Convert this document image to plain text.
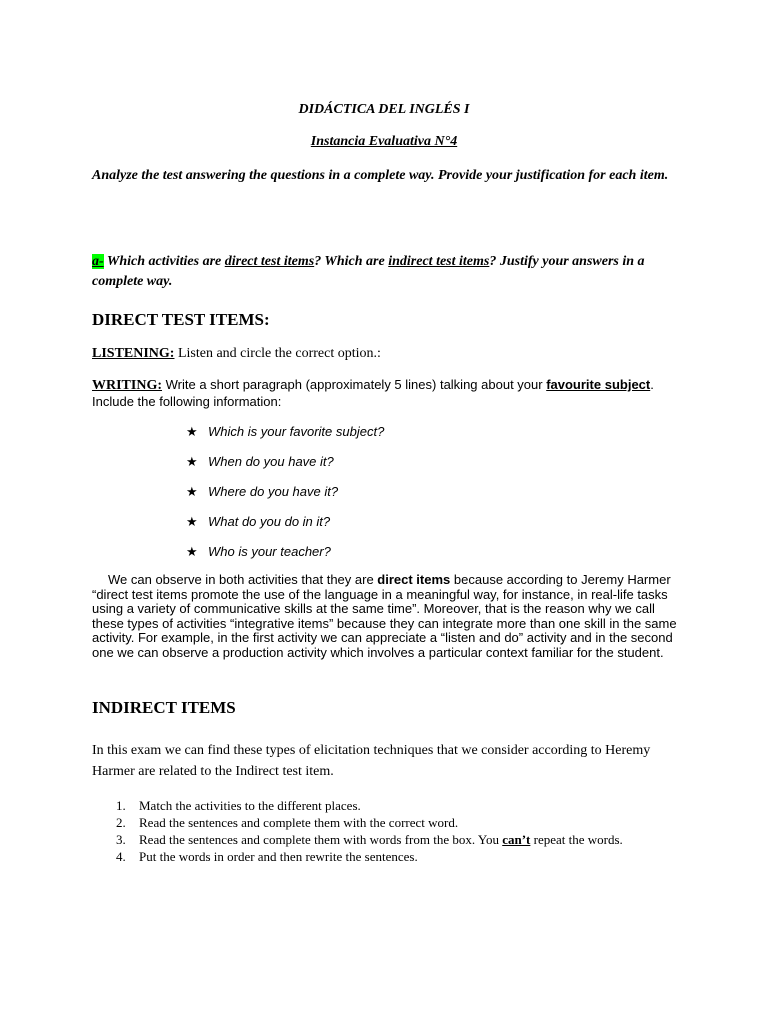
DIDÁCTICA DEL INGLÉS I
Instancia Evaluativa N°4
Analyze the test answering the questions in a complete way. Provide your justification for each item.
a- Which activities are direct test items? Which are indirect test items? Justify your answers in a complete way.
DIRECT TEST ITEMS:
LISTENING: Listen and circle the correct option.:
WRITING: Write a short paragraph (approximately 5 lines) talking about your favourite subject. Include the following information:
★ Which is your favorite subject?
★ When do you have it?
★ Where do you have it?
★ What do you do in it?
★ Who is your teacher?
We can observe in both activities that they are direct items because according to Jeremy Harmer “direct test items promote the use of the language in a meaningful way, for instance, in real-life tasks using a variety of communicative skills at the same time”. Moreover, that is the reason why we call these types of activities “integrative items” because they can integrate more than one skill in the same activity. For example, in the first activity we can appreciate a “listen and do” activity and in the second one we can observe a production activity which involves a particular context familiar for the student.
INDIRECT ITEMS
In this exam we can find these types of elicitation techniques that we consider according to Heremy Harmer are related to the Indirect test item.
1. Match the activities to the different places.
2. Read the sentences and complete them with the correct word.
3. Read the sentences and complete them with words from the box. You can’t repeat the words.
4. Put the words in order and then rewrite the sentences.
